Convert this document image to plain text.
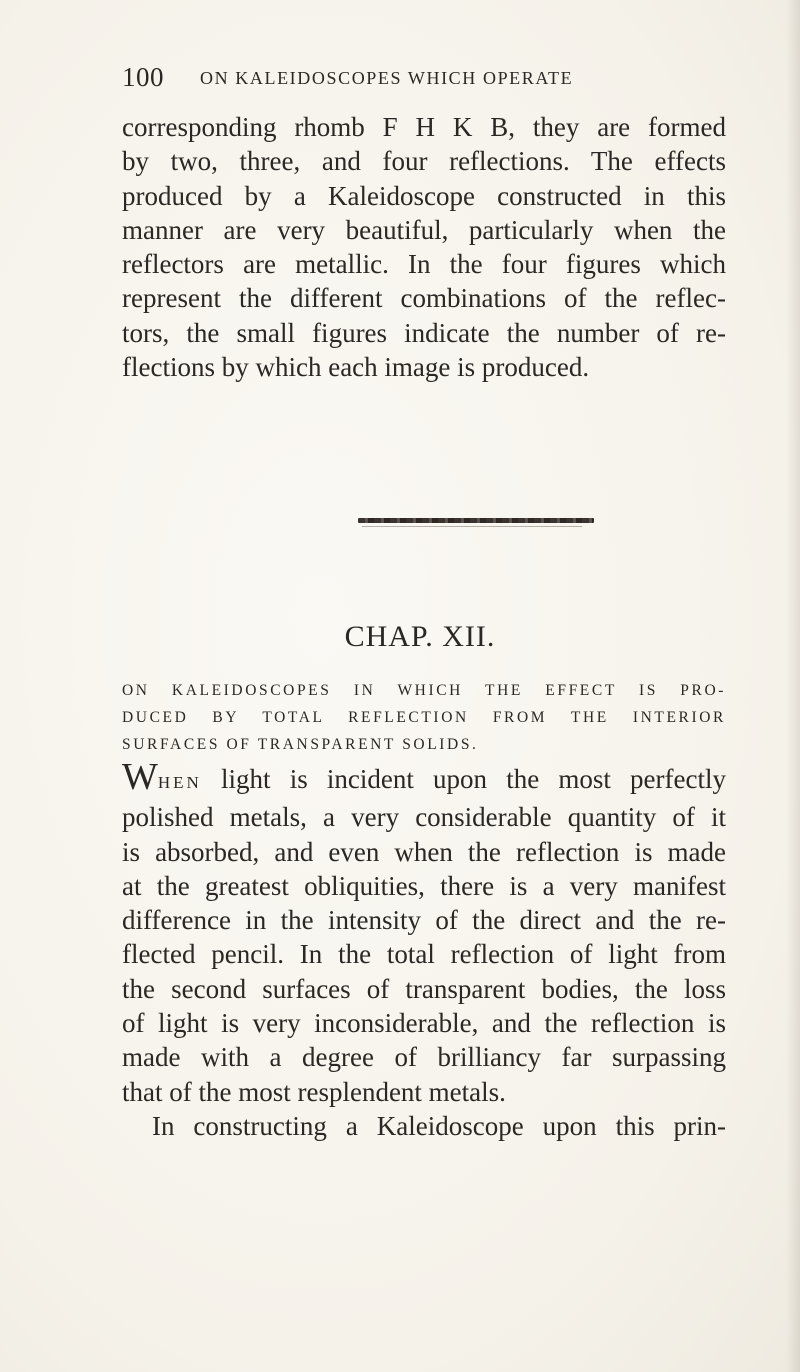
100 ON KALEIDOSCOPES WHICH OPERATE
corresponding rhomb F H K B, they are formed
by two, three, and four reflections. The effects
produced by a Kaleidoscope constructed in this
manner are very beautiful, particularly when the
reflectors are metallic. In the four figures which
represent the different combinations of the reflec-
tors, the small figures indicate the number of re-
flections by which each image is produced.
CHAP. XII.
ON KALEIDOSCOPES IN WHICH THE EFFECT IS PRO-
DUCED BY TOTAL REFLECTION FROM THE INTERIOR
SURFACES OF TRANSPARENT SOLIDS.
WHEN light is incident upon the most perfectly
polished metals, a very considerable quantity of it
is absorbed, and even when the reflection is made
at the greatest obliquities, there is a very manifest
difference in the intensity of the direct and the re-
flected pencil. In the total reflection of light from
the second surfaces of transparent bodies, the loss
of light is very inconsiderable, and the reflection is
made with a degree of brilliancy far surpassing
that of the most resplendent metals.
In constructing a Kaleidoscope upon this prin-
